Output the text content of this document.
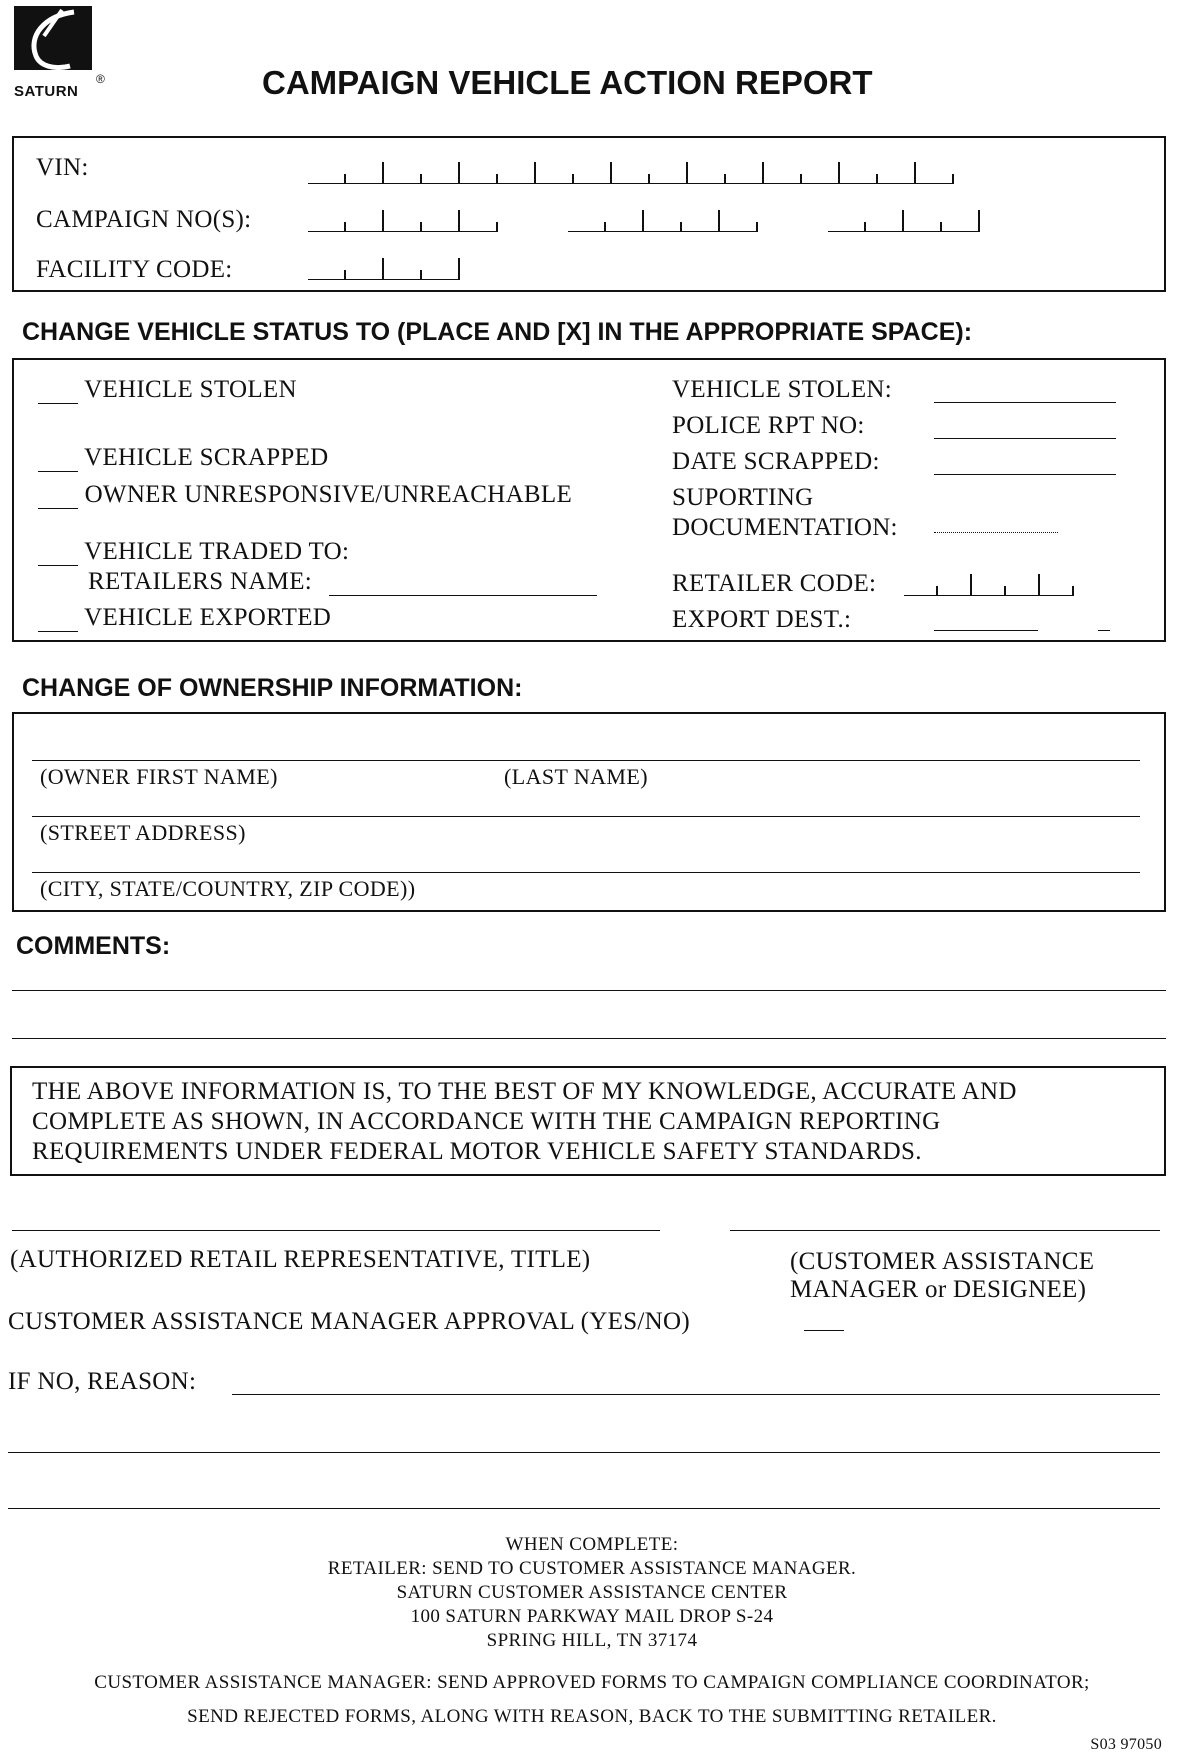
SATURN
®	CAMPAIGN VEHICLE ACTION REPORT
VIN:
CAMPAIGN NO(S):
FACILITY CODE:
CHANGE VEHICLE STATUS TO (PLACE AND [X] IN THE APPROPRIATE SPACE):
VEHICLE STOLEN
VEHICLE SCRAPPED
OWNER UNRESPONSIVE/UNREACHABLE
VEHICLE TRADED TO:
RETAILERS NAME:
VEHICLE EXPORTED
VEHICLE STOLEN:
POLICE RPT NO:
DATE SCRAPPED:
SUPORTING
DOCUMENTATION:
RETAILER CODE:
EXPORT DEST.:
CHANGE OF OWNERSHIP INFORMATION:
(OWNER FIRST NAME)	(LAST NAME)
(STREET ADDRESS)
(CITY, STATE/COUNTRY, ZIP CODE))
COMMENTS:
THE ABOVE INFORMATION IS, TO THE BEST OF MY KNOWLEDGE, ACCURATE AND
COMPLETE AS SHOWN, IN ACCORDANCE WITH THE CAMPAIGN REPORTING
REQUIREMENTS UNDER FEDERAL MOTOR VEHICLE SAFETY STANDARDS.
(AUTHORIZED RETAIL REPRESENTATIVE, TITLE)	(CUSTOMER ASSISTANCE
MANAGER or DESIGNEE)
CUSTOMER ASSISTANCE MANAGER APPROVAL (YES/NO)
IF NO, REASON:
WHEN COMPLETE:
RETAILER: SEND TO CUSTOMER ASSISTANCE MANAGER.
SATURN CUSTOMER ASSISTANCE CENTER
100 SATURN PARKWAY MAIL DROP S-24
SPRING HILL, TN 37174
CUSTOMER ASSISTANCE MANAGER: SEND APPROVED FORMS TO CAMPAIGN COMPLIANCE COORDINATOR;
SEND REJECTED FORMS, ALONG WITH REASON, BACK TO THE SUBMITTING RETAILER.
S03 97050
